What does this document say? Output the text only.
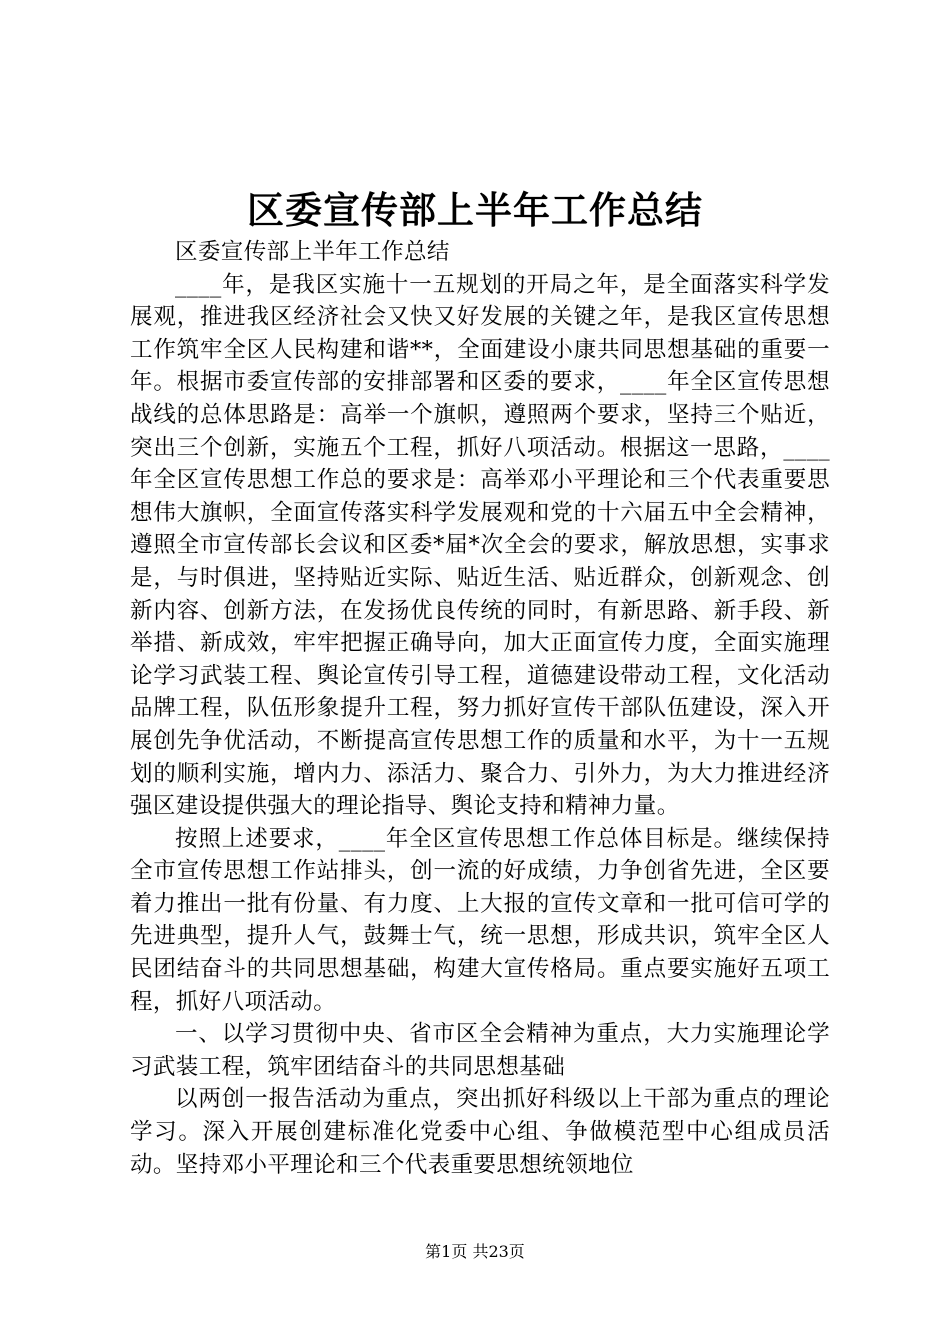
区委宣传部上半年工作总结

区委宣传部上半年工作总结

____年，是我区实施十一五规划的开局之年，是全面落实科学发展观，推进我区经济社会又快又好发展的关键之年，是我区宣传思想工作筑牢全区人民构建和谐**，全面建设小康共同思想基础的重要一年。根据市委宣传部的安排部署和区委的要求，____年全区宣传思想战线的总体思路是：高举一个旗帜，遵照两个要求，坚持三个贴近，突出三个创新，实施五个工程，抓好八项活动。根据这一思路，____年全区宣传思想工作总的要求是：高举邓小平理论和三个代表重要思想伟大旗帜，全面宣传落实科学发展观和党的十六届五中全会精神，遵照全市宣传部长会议和区委*届*次全会的要求，解放思想，实事求是，与时俱进，坚持贴近实际、贴近生活、贴近群众，创新观念、创新内容、创新方法，在发扬优良传统的同时，有新思路、新手段、新举措、新成效，牢牢把握正确导向，加大正面宣传力度，全面实施理论学习武装工程、舆论宣传引导工程，道德建设带动工程，文化活动品牌工程，队伍形象提升工程，努力抓好宣传干部队伍建设，深入开展创先争优活动，不断提高宣传思想工作的质量和水平，为十一五规划的顺利实施，增内力、添活力、聚合力、引外力，为大力推进经济强区建设提供强大的理论指导、舆论支持和精神力量。

按照上述要求，____年全区宣传思想工作总体目标是。继续保持全市宣传思想工作站排头，创一流的好成绩，力争创省先进，全区要着力推出一批有份量、有力度、上大报的宣传文章和一批可信可学的先进典型，提升人气，鼓舞士气，统一思想，形成共识，筑牢全区人民团结奋斗的共同思想基础，构建大宣传格局。重点要实施好五项工程，抓好八项活动。

一、以学习贯彻中央、省市区全会精神为重点，大力实施理论学习武装工程，筑牢团结奋斗的共同思想基础

以两创一报告活动为重点，突出抓好科级以上干部为重点的理论学习。深入开展创建标准化党委中心组、争做模范型中心组成员活动。坚持邓小平理论和三个代表重要思想统领地位

第1页 共23页
